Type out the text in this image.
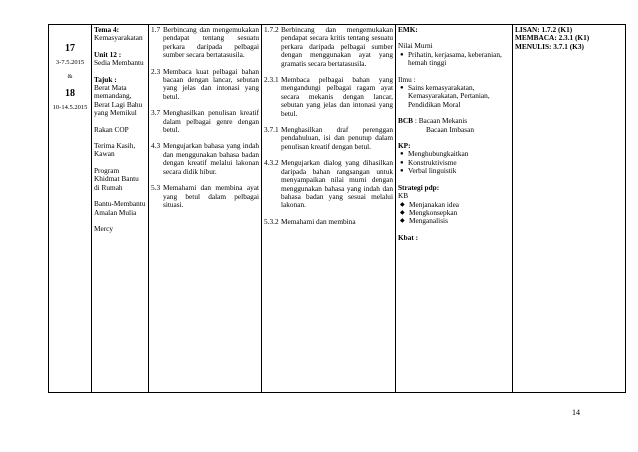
17
3-7.5.2015
&
18
10-14.5.2015

Tema 4:
Kemasyarakatan
Unit 12 :
Sedia Membantu
Tajuk :
Berat Mata memandang, Berat Lagi Bahu yang Memikul
Rakan COP
Terima Kasih, Kawan
Program Khidmat Bantu di Rumah
Bantu-Membantu Amalan Mulia
Mercy

1.7 Berbincang dan mengemukakan pendapat tentang sesuatu perkara daripada pelbagai sumber secara bertatasusila.
2.3 Membaca kuat pelbagai bahan bacaan dengan lancar, sebutan yang jelas dan intonasi yang betul.
3.7 Menghasilkan penulisan kreatif dalam pelbagai genre dengan betul.
4.3 Mengujarkan bahasa yang indah dan menggunakan bahasa badan dengan kreatif melalui lakonan secara didik hibur.
5.3 Memahami dan membina ayat yang betul dalam pelbagai situasi.

1.7.2 Berbincang dan mengemukakan pendapat secara kritis tentang sesuatu perkara daripada pelbagai sumber dengan menggunakan ayat yang gramatis secara bertatasusila.
2.3.1 Membaca pelbagai bahan yang mengandungi pelbagai ragam ayat secara mekanis dengan lancar, sebutan yang jelas dan intonasi yang betul.
3.7.1 Menghasilkan draf perenggan pendahuluan, isi dan penutup dalam penulisan kreatif dengan betul.
4.3.2 Mengujarkan dialog yang dihasilkan daripada bahan rangsangan untuk menyampaikan nilai murni dengan menggunakan bahasa yang indah dan bahasa badan yang sesuai melalui lakonan.
5.3.2 Memahami dan membina

EMK:
Nilai Murni
● Prihatin, kerjasama, keberanian, hemah tinggi
Ilmu :
● Sains kemasyarakatan, Kemasyarakatan, Pertanian, Pendidikan Moral
BCB : Bacaan Mekanis
Bacaan Imbasan
KP:
● Menghubungkaitkan
● Konstruktivisme
● Verbal linguistik
Strategi pdp:
KB
◆ Menjanakan idea
◆ Mengkonsepkan
◆ Menganalisis
Kbat :

LISAN: 1.7.2 (K1)
MEMBACA: 2.3.1 (K1)
MENULIS: 3.7.1 (K3)
14
